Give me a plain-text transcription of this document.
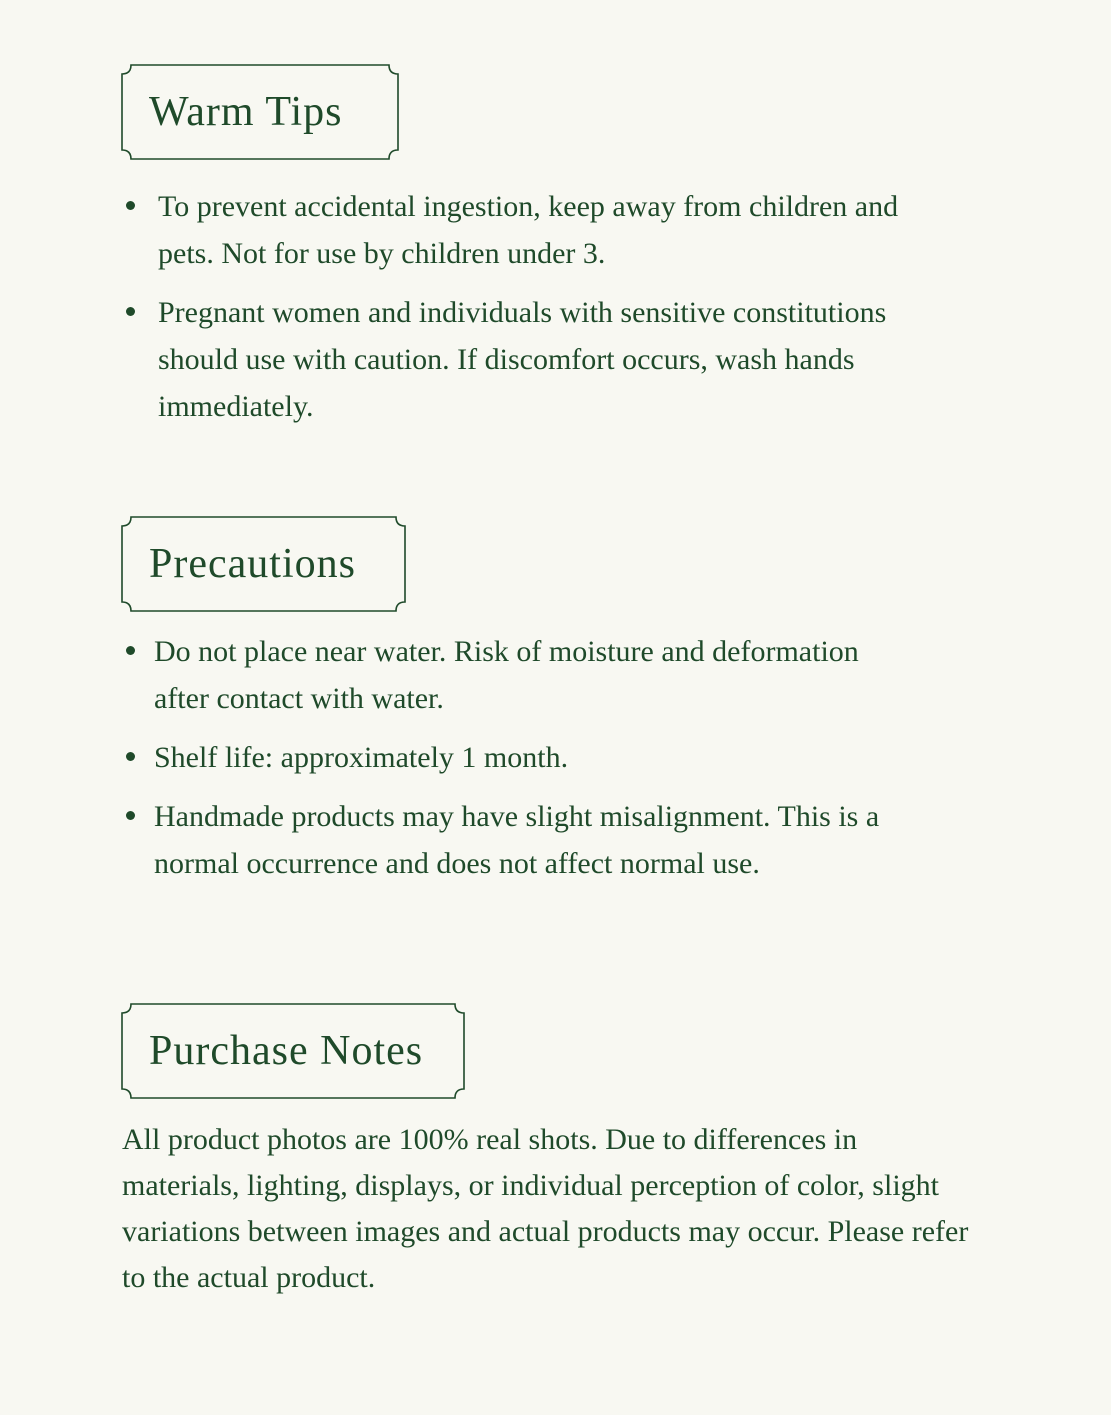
Warm Tips
To prevent accidental ingestion, keep away from children and pets. Not for use by children under 3.
Pregnant women and individuals with sensitive constitutions should use with caution. If discomfort occurs, wash hands immediately.
Precautions
Do not place near water. Risk of moisture and deformation after contact with water.
Shelf life: approximately 1 month.
Handmade products may have slight misalignment. This is a normal occurrence and does not affect normal use.
Purchase Notes

All product photos are 100% real shots. Due to differences in materials, lighting, displays, or individual perception of color, slight variations between images and actual products may occur. Please refer to the actual product.
